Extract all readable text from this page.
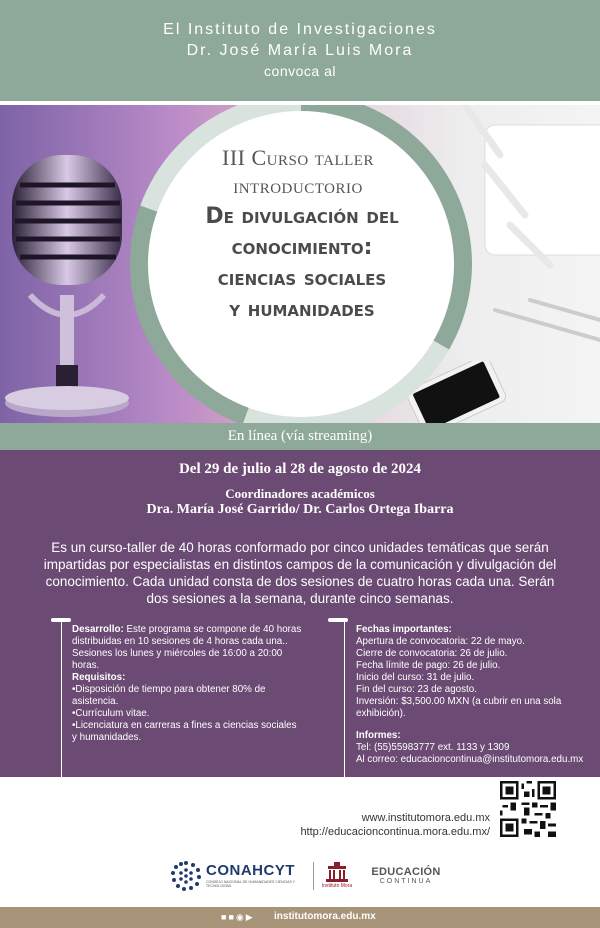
El Instituto de Investigaciones
Dr. José María Luis Mora
convoca al
III Curso taller
introductorio
De divulgación del
conocimiento:
ciencias sociales
y humanidades
En línea (vía streaming)
Del 29 de julio al 28 de agosto de 2024
Coordinadores académicos
Dra. María José Garrido/ Dr. Carlos Ortega Ibarra
Es un curso-taller de 40 horas conformado por cinco unidades temáticas que serán impartidas por especialistas en distintos campos de la comunicación y divulgación del conocimiento. Cada unidad consta de dos sesiones de cuatro horas cada una. Serán dos sesiones a la semana, durante cinco semanas.
Desarrollo: Este programa se compone de 40 horas distribuidas en 10 sesiones de 4 horas cada una.. Sesiones los lunes y miércoles de 16:00 a 20:00 horas.
Requisitos:
•Disposición de tiempo para obtener 80% de asistencia.
•Currículum vitae.
•Licenciatura en carreras a fines a ciencias sociales y humanidades.
Fechas importantes:
Apertura de convocatoria: 22 de mayo.
Cierre de convocatoria: 26 de julio.
Fecha límite de pago: 26 de julio.
Inicio del curso: 31 de julio.
Fin del curso: 23 de agosto.
Inversión: $3,500.00 MXN (a cubrir en una sola exhibición).
Informes:
Tel: (55)55983777 ext. 1133 y 1309
Al correo: educacioncontinua@institutomora.edu.mx
www.institutomora.edu.mx
http://educacioncontinua.mora.edu.mx/
CONAHCYT
CONSEJO NACIONAL DE HUMANIDADES CIENCIAS Y TECNOLOGÍAS	Instituto Mora
EDUCACIÓN
CONTINUA
■■◉▶ institutomora.edu.mx
